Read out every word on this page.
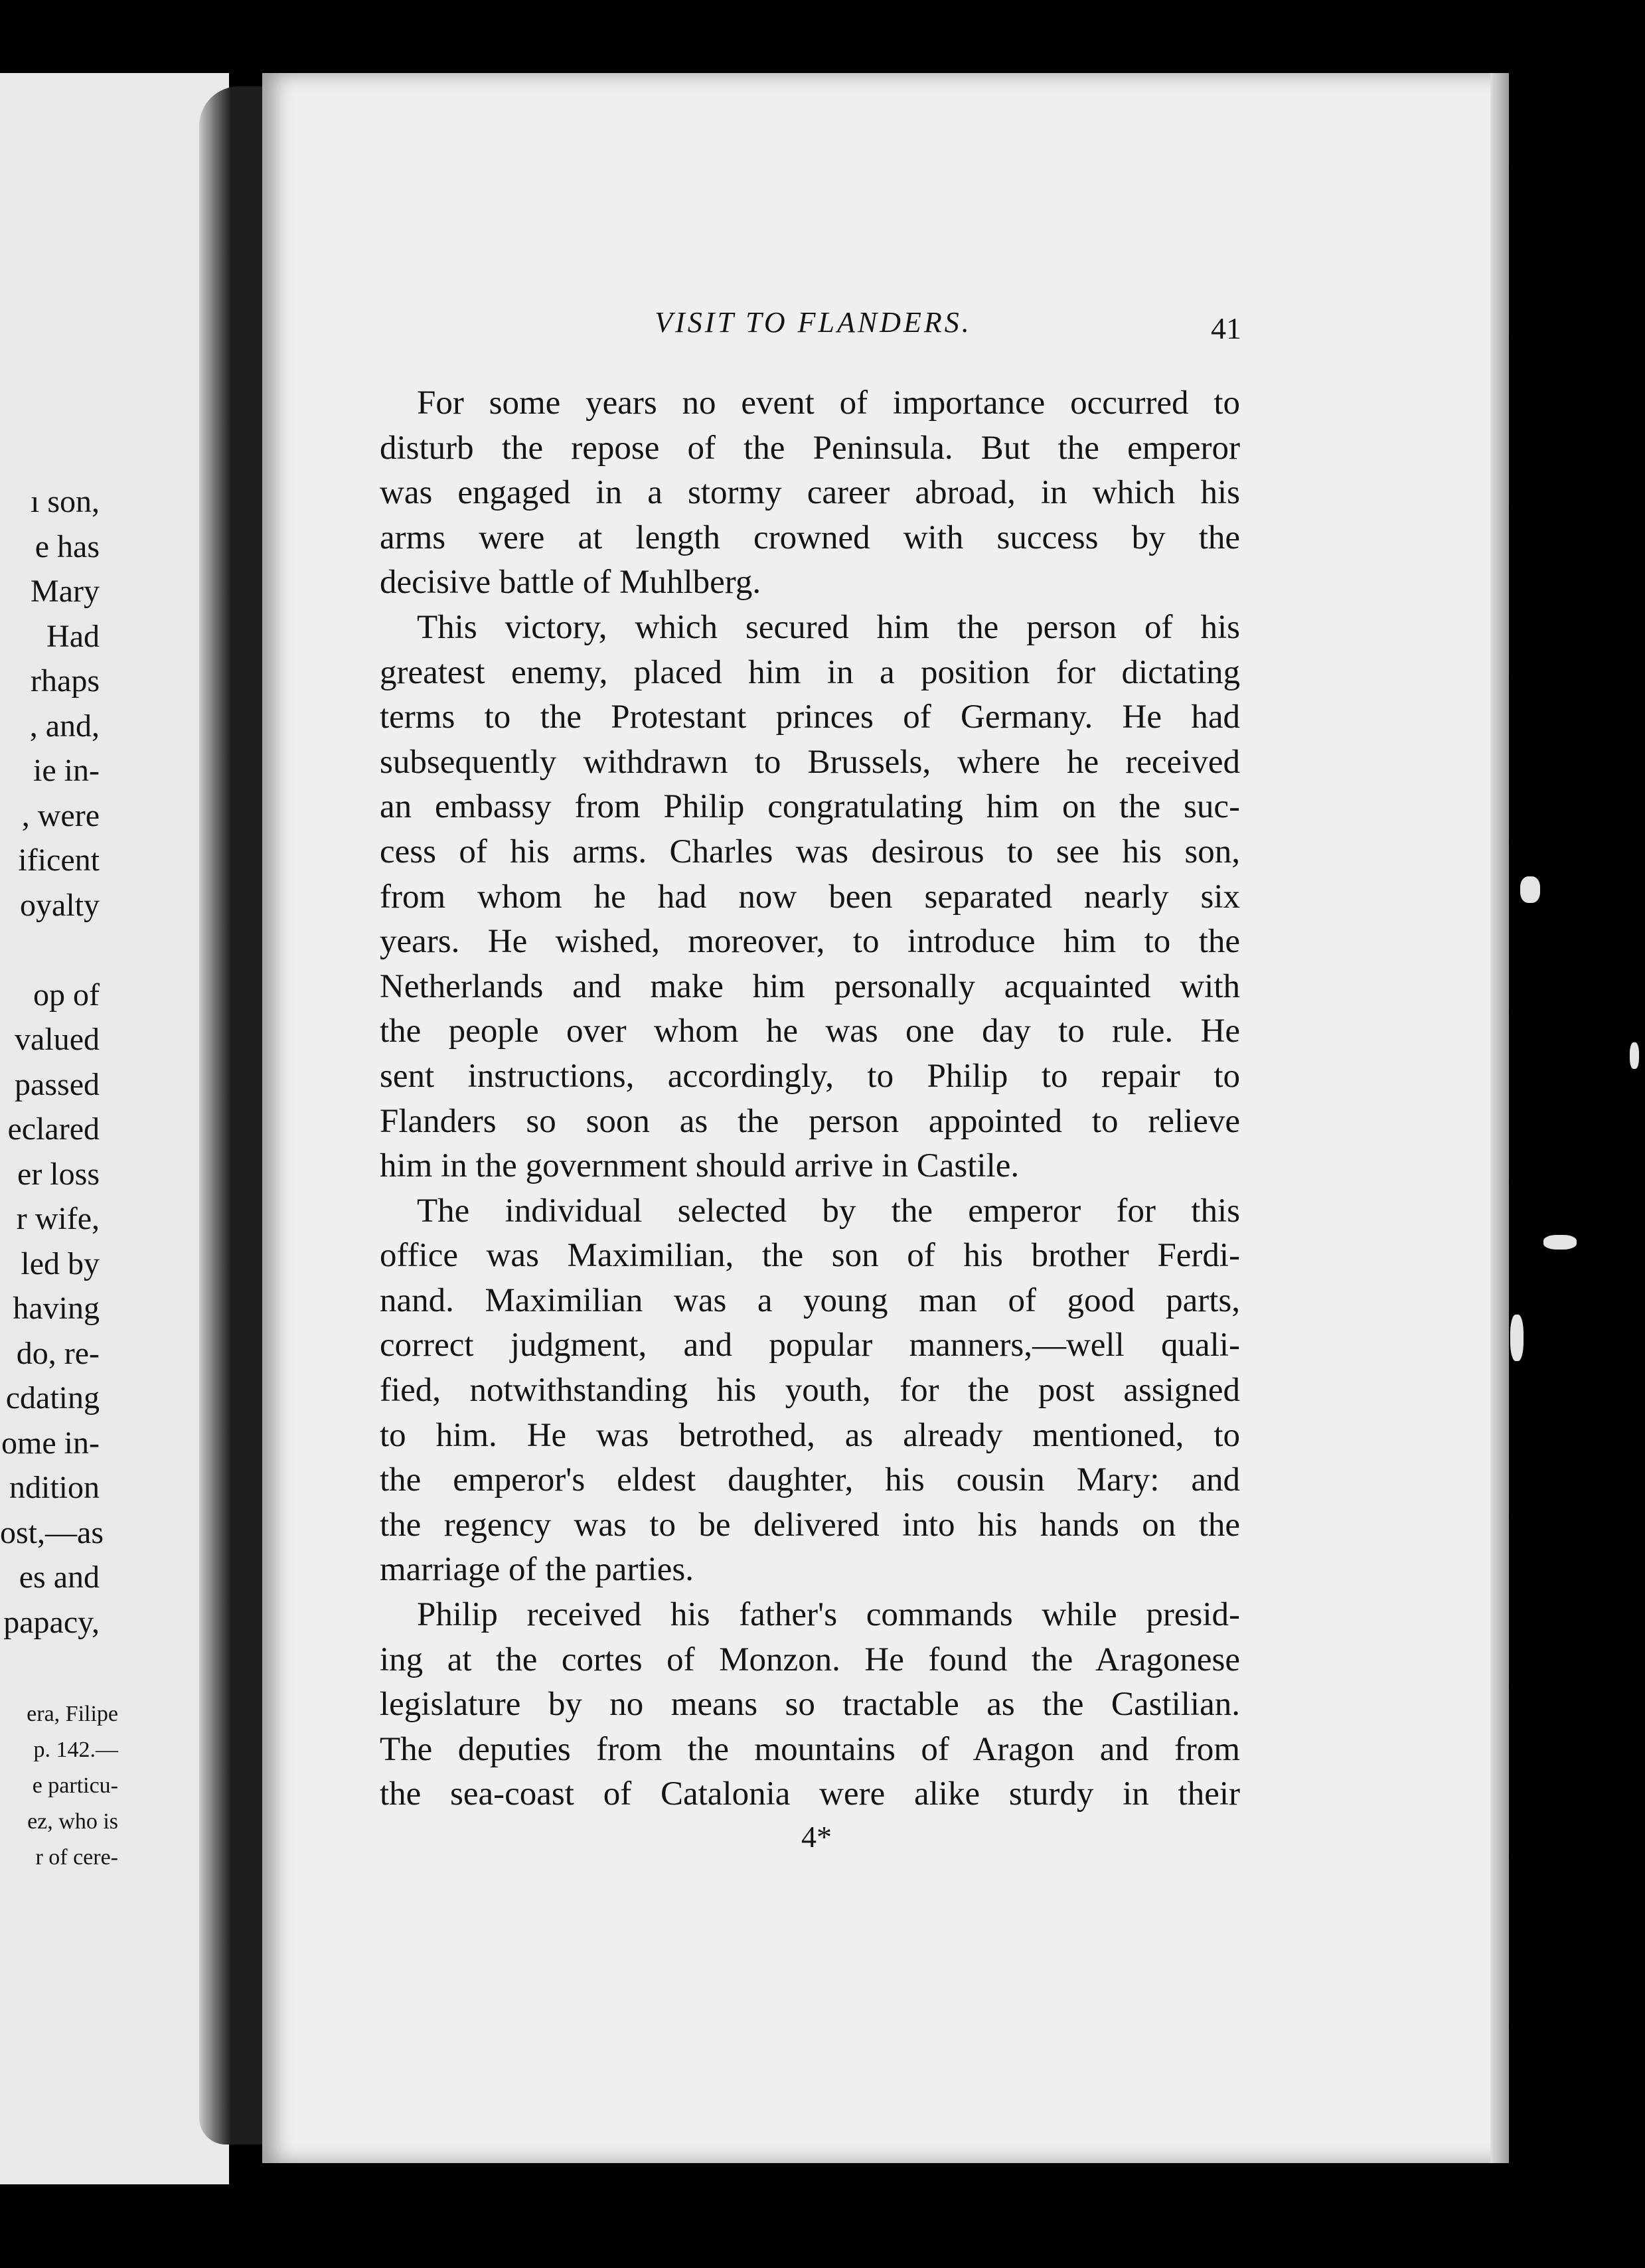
ı son,
e has
Mary
Had
rhaps
, and,
ie in-
, were
ificent
oyalty
op of
valued
passed
eclared
er loss
r wife,
led by
having
do, re-
cdating
ome in-
ndition
ost,—as
es and
papacy,
era, Filipe
p. 142.—
e particu-
ez, who is
r of cere-
VISIT TO FLANDERS.	41
For some years no event of importance occurred to
disturb the repose of the Peninsula. But the emperor
was engaged in a stormy career abroad, in which his
arms were at length crowned with success by the
decisive battle of Muhlberg.
This victory, which secured him the person of his
greatest enemy, placed him in a position for dictating
terms to the Protestant princes of Germany. He had
subsequently withdrawn to Brussels, where he received
an embassy from Philip congratulating him on the suc-
cess of his arms. Charles was desirous to see his son,
from whom he had now been separated nearly six
years. He wished, moreover, to introduce him to the
Netherlands and make him personally acquainted with
the people over whom he was one day to rule. He
sent instructions, accordingly, to Philip to repair to
Flanders so soon as the person appointed to relieve
him in the government should arrive in Castile.
The individual selected by the emperor for this
office was Maximilian, the son of his brother Ferdi-
nand. Maximilian was a young man of good parts,
correct judgment, and popular manners,—well quali-
fied, notwithstanding his youth, for the post assigned
to him. He was betrothed, as already mentioned, to
the emperor's eldest daughter, his cousin Mary: and
the regency was to be delivered into his hands on the
marriage of the parties.
Philip received his father's commands while presid-
ing at the cortes of Monzon. He found the Aragonese
legislature by no means so tractable as the Castilian.
The deputies from the mountains of Aragon and from
the sea-coast of Catalonia were alike sturdy in their
4*
